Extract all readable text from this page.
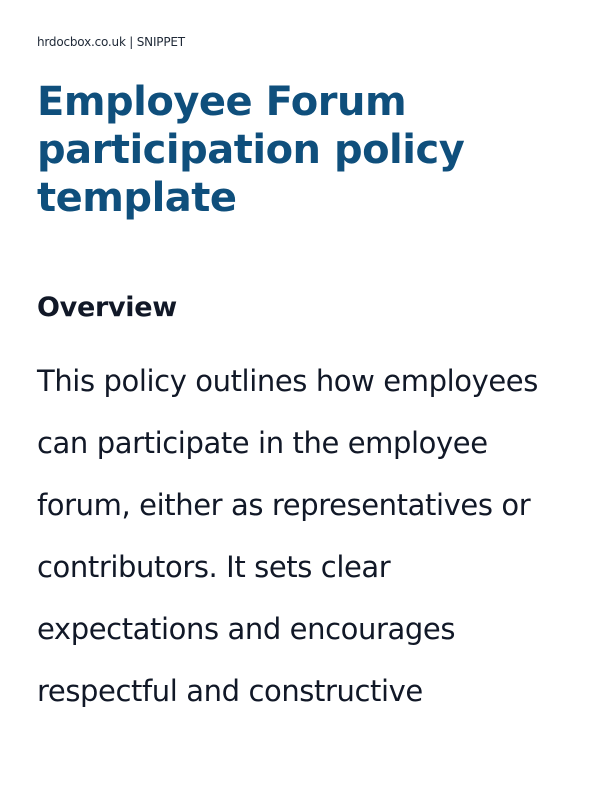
hrdocbox.co.uk | SNIPPET
Employee Forum
participation policy
template
Overview

This policy outlines how employees
can participate in the employee
forum, either as representatives or
contributors. It sets clear
expectations and encourages
respectful and constructive
